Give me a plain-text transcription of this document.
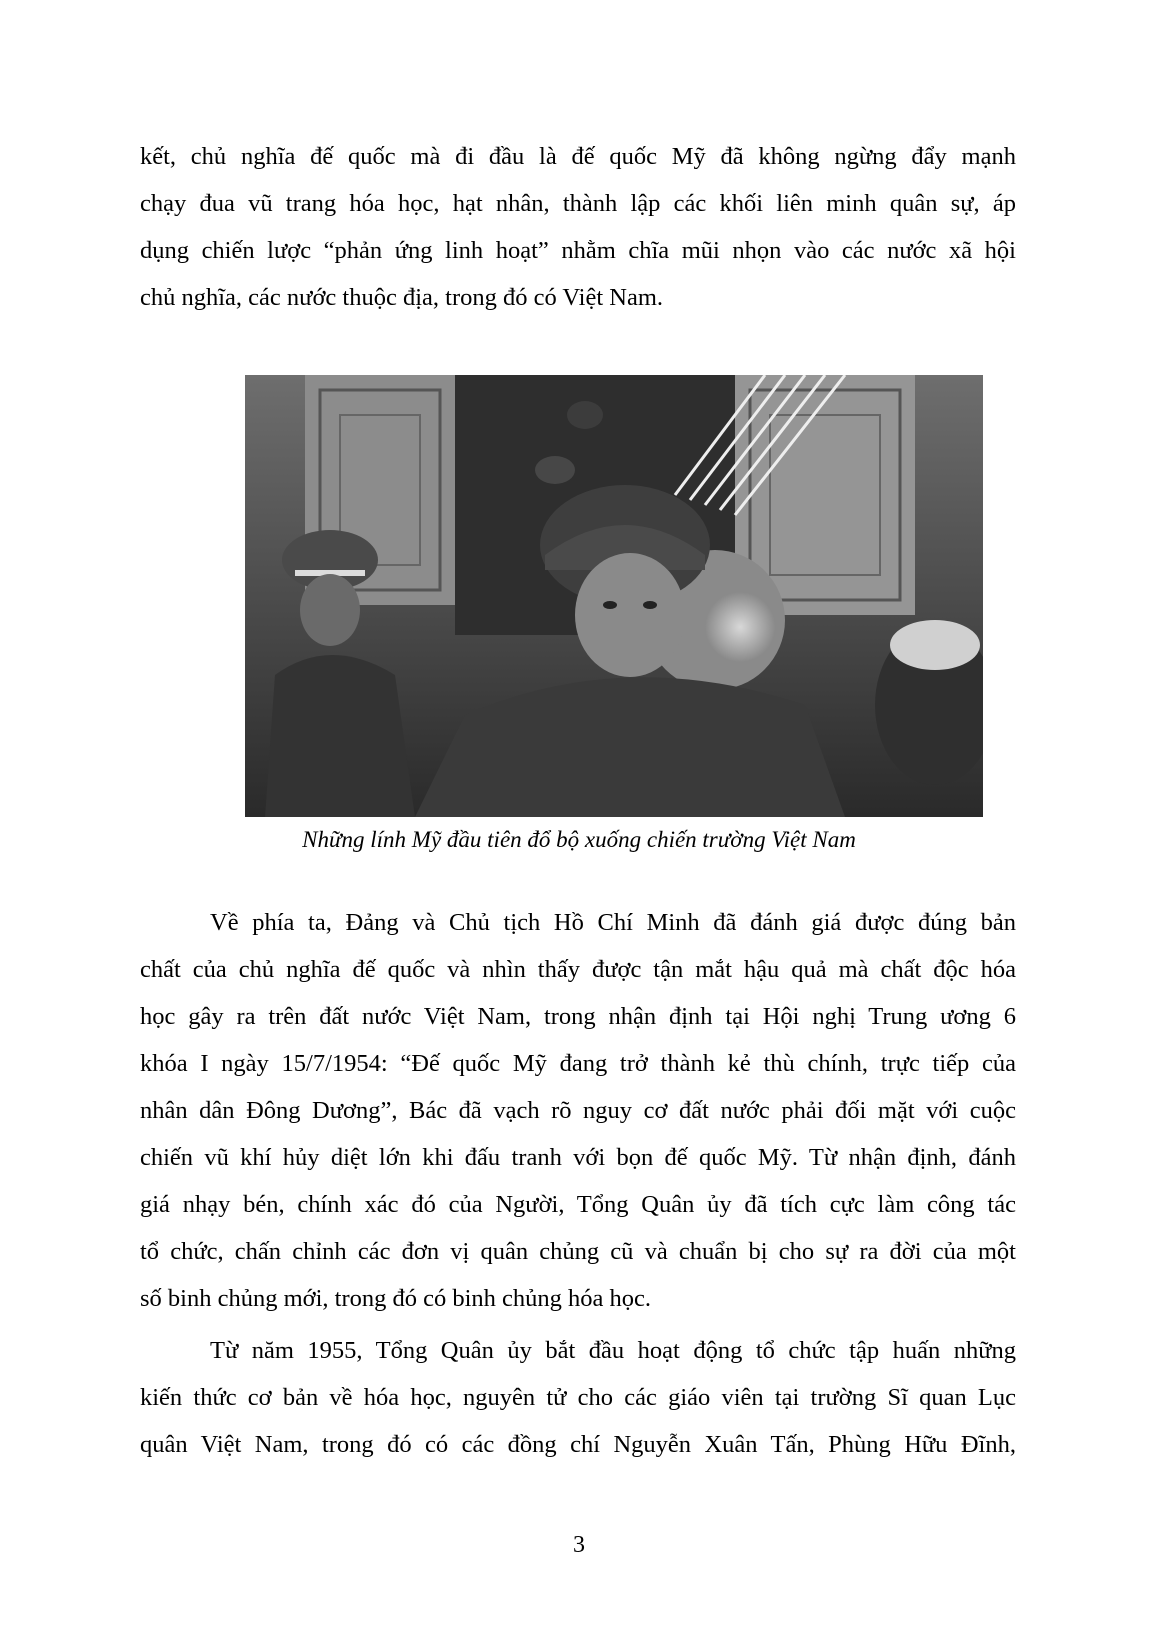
kết, chủ nghĩa đế quốc mà đi đầu là đế quốc Mỹ đã không ngừng đẩy mạnh
chạy đua vũ trang hóa học, hạt nhân, thành lập các khối liên minh quân sự, áp
dụng chiến lược “phản ứng linh hoạt” nhằm chĩa mũi nhọn vào các nước xã hội
chủ nghĩa, các nước thuộc địa, trong đó có Việt Nam.
Những lính Mỹ đầu tiên đổ bộ xuống chiến trường Việt Nam
Về phía ta, Đảng và Chủ tịch Hồ Chí Minh đã đánh giá được đúng bản
chất của chủ nghĩa đế quốc và nhìn thấy được tận mắt hậu quả mà chất độc hóa
học gây ra trên đất nước Việt Nam, trong nhận định tại Hội nghị Trung ương 6
khóa I ngày 15/7/1954: “Đế quốc Mỹ đang trở thành kẻ thù chính, trực tiếp của
nhân dân Đông Dương”, Bác đã vạch rõ nguy cơ đất nước phải đối mặt với cuộc
chiến vũ khí hủy diệt lớn khi đấu tranh với bọn đế quốc Mỹ. Từ nhận định, đánh
giá nhạy bén, chính xác đó của Người, Tổng Quân ủy đã tích cực làm công tác
tổ chức, chấn chỉnh các đơn vị quân chủng cũ và chuẩn bị cho sự ra đời của một
số binh chủng mới, trong đó có binh chủng hóa học.
Từ năm 1955, Tổng Quân ủy bắt đầu hoạt động tổ chức tập huấn những
kiến thức cơ bản về hóa học, nguyên tử cho các giáo viên tại trường Sĩ quan Lục
quân Việt Nam, trong đó có các đồng chí Nguyễn Xuân Tấn, Phùng Hữu Đĩnh,
3
